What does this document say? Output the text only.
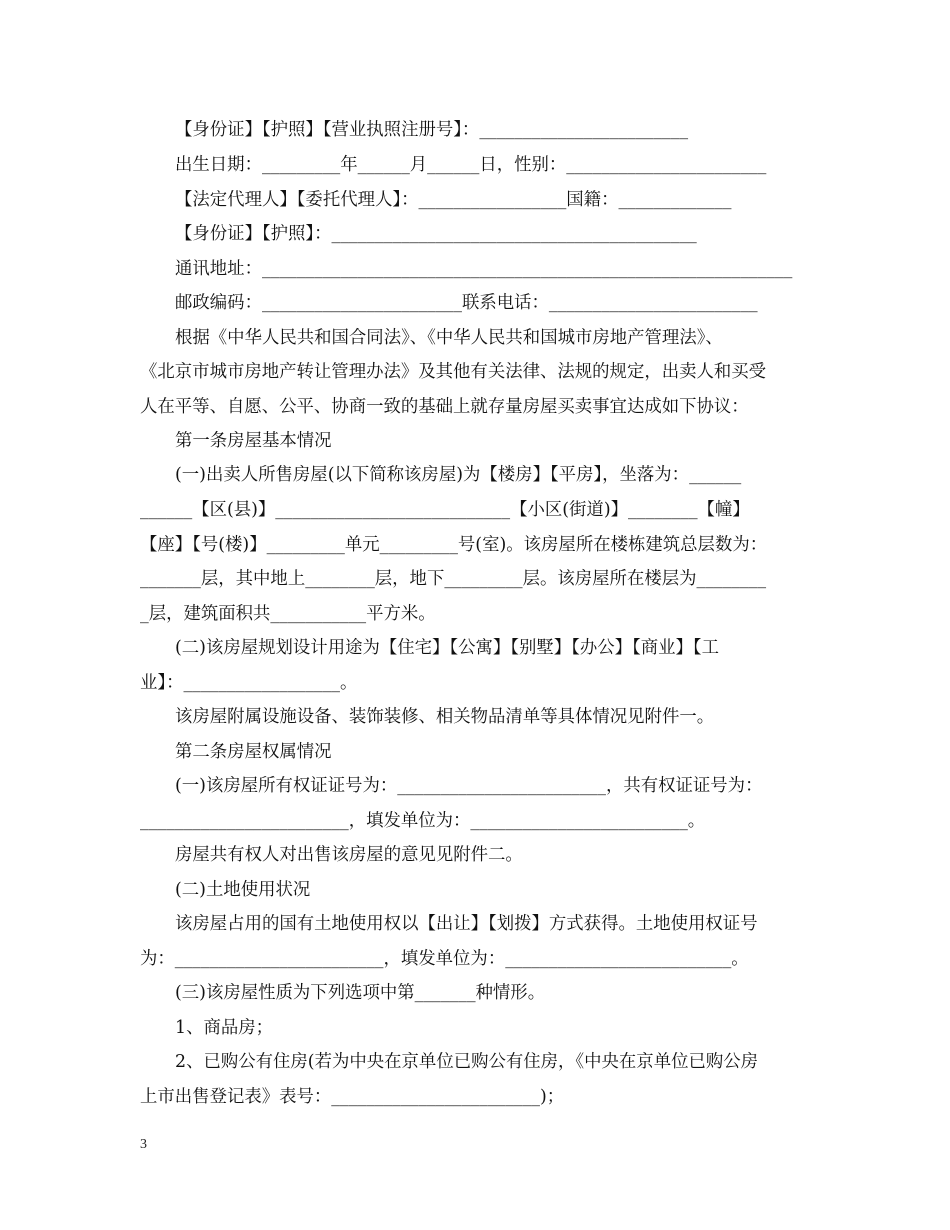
【身份证】【护照】【营业执照注册号】：________________________
出生日期：_________年______月______日，性别：_______________________
【法定代理人】【委托代理人】：_________________国籍：_____________
【身份证】【护照】：__________________________________________
通讯地址：_____________________________________________________________
邮政编码：_______________________联系电话：________________________
根据《中华人民共和国合同法》、《中华人民共和国城市房地产管理法》、
《北京市城市房地产转让管理办法》及其他有关法律、法规的规定，出卖人和买受
人在平等、自愿、公平、协商一致的基础上就存量房屋买卖事宜达成如下协议：
第一条房屋基本情况
(一)出卖人所售房屋(以下简称该房屋)为【楼房】【平房】，坐落为：______
______【区(县)】___________________________【小区(街道)】________【幢】
【座】【号(楼)】_________单元_________号(室)。该房屋所在楼栋建筑总层数为：
_______层，其中地上________层，地下_________层。该房屋所在楼层为________
_层，建筑面积共___________平方米。
(二)该房屋规划设计用途为【住宅】【公寓】【别墅】【办公】【商业】【工
业】：__________________。
该房屋附属设施设备、装饰装修、相关物品清单等具体情况见附件一。
第二条房屋权属情况
(一)该房屋所有权证证号为：________________________，共有权证证号为：
________________________，填发单位为：_________________________。
房屋共有权人对出售该房屋的意见见附件二。
(二)土地使用状况
该房屋占用的国有土地使用权以【出让】【划拨】方式获得。土地使用权证号
为：________________________，填发单位为：__________________________。
(三)该房屋性质为下列选项中第_______种情形。
1、商品房；
2、已购公有住房(若为中央在京单位已购公有住房，《中央在京单位已购公房
上市出售登记表》表号：________________________)；
3
